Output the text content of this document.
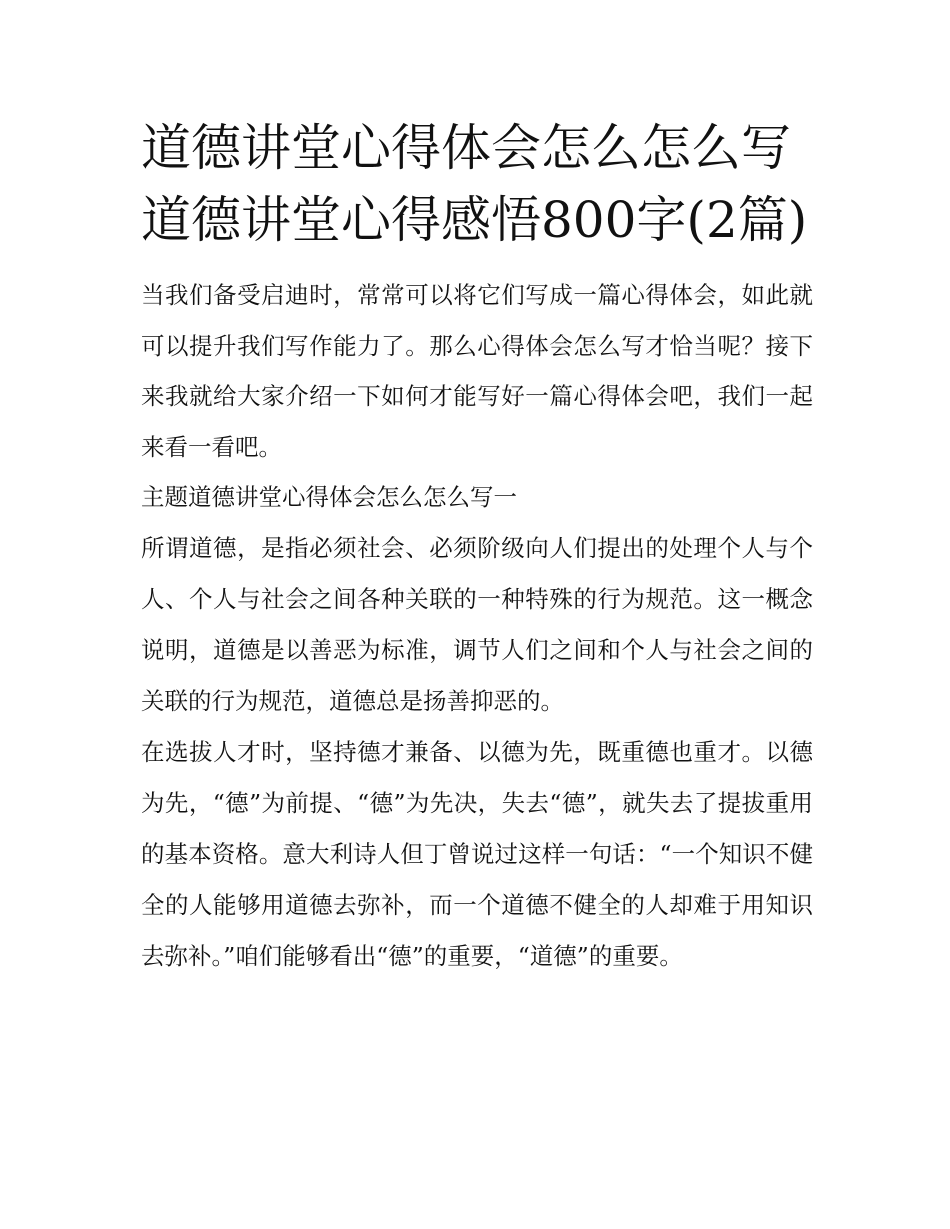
道德讲堂心得体会怎么怎么写道德讲堂心得感悟800字(2篇)

当我们备受启迪时，常常可以将它们写成一篇心得体会，如此就可以提升我们写作能力了。那么心得体会怎么写才恰当呢？接下来我就给大家介绍一下如何才能写好一篇心得体会吧，我们一起来看一看吧。

主题道德讲堂心得体会怎么怎么写一

所谓道德，是指必须社会、必须阶级向人们提出的处理个人与个人、个人与社会之间各种关联的一种特殊的行为规范。这一概念说明，道德是以善恶为标准，调节人们之间和个人与社会之间的关联的行为规范，道德总是扬善抑恶的。

在选拔人才时，坚持德才兼备、以德为先，既重德也重才。以德为先，“德”为前提、“德”为先决，失去“德”，就失去了提拔重用的基本资格。意大利诗人但丁曾说过这样一句话：“一个知识不健全的人能够用道德去弥补，而一个道德不健全的人却难于用知识去弥补。”咱们能够看出“德”的重要，“道德”的重要。
